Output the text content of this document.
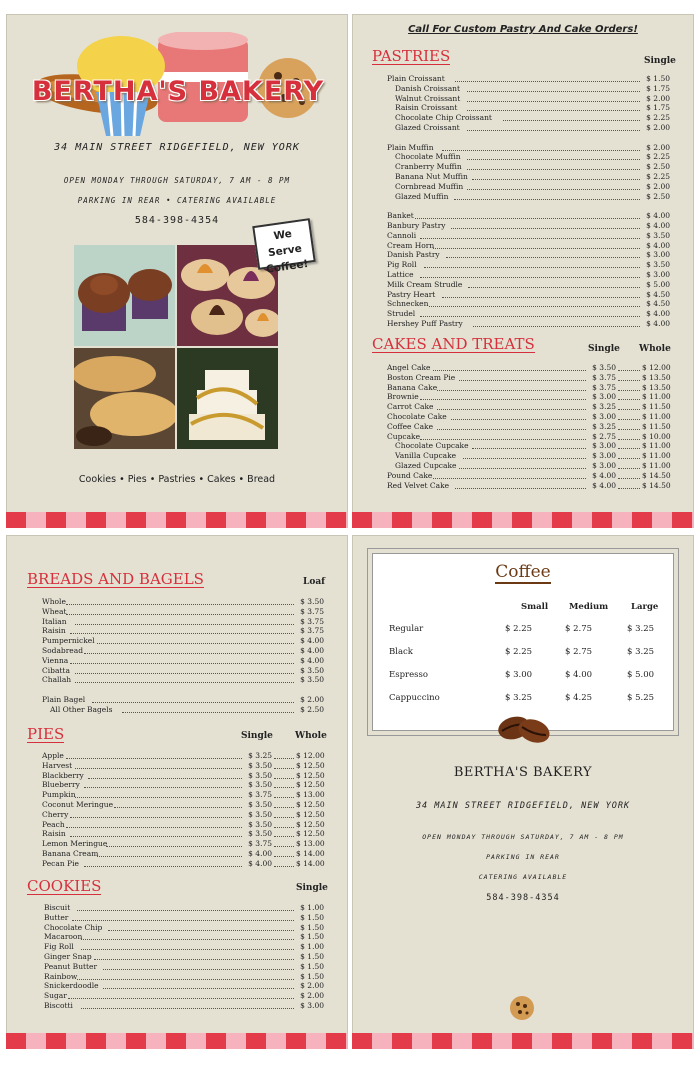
BERTHA'S BAKERY
34 MAIN STREET RIDGEFIELD, NEW YORK
OPEN MONDAY THROUGH SATURDAY, 7 AM - 8 PM
PARKING IN REAR • CATERING AVAILABLE
584-398-4354
We Serve
Coffee!
Cookies • Pies • Pastries • Cakes • Bread
Call For Custom Pastry And Cake Orders!
PASTRIES	Single
Plain Croissant	$ 1.50
Danish Croissant	$ 1.75
Walnut Croissant	$ 2.00
Raisin Croissant	$ 1.75
Chocolate Chip Croissant	$ 2.25
Glazed Croissant	$ 2.00
Plain Muffin	$ 2.00
Chocolate Muffin	$ 2.25
Cranberry Muffin	$ 2.50
Banana Nut Muffin	$ 2.25
Cornbread Muffin	$ 2.00
Glazed Muffin	$ 2.50
Banket	$ 4.00
Banbury Pastry	$ 4.00
Cannoli	$ 3.50
Cream Horn	$ 4.00
Danish Pastry	$ 3.00
Pig Roll	$ 3.50
Lattice	$ 3.00
Milk Cream Strudle	$ 5.00
Pastry Heart	$ 4.50
Schnecken	$ 4.50
Strudel	$ 4.00
Hershey Puff Pastry	$ 4.00
CAKES AND TREATS	Single Whole
Angel Cake	$ 3.50	$ 12.00
Boston Cream Pie	$ 3.75	$ 13.50
Banana Cake	$ 3.75	$ 13.50
Brownie	$ 3.00	$ 11.00
Carrot Cake	$ 3.25	$ 11.50
Chocolate Cake	$ 3.00	$ 11.00
Coffee Cake	$ 3.25	$ 11.50
Cupcake	$ 2.75	$ 10.00
Chocolate Cupcake	$ 3.00	$ 11.00
Vanilla Cupcake	$ 3.00	$ 11.00
Glazed Cupcake	$ 3.00	$ 11.00
Pound Cake	$ 4.00	$ 14.50
Red Velvet Cake	$ 4.00	$ 14.50
BREADS AND BAGELS	Loaf
Whole	$ 3.50
Wheat	$ 3.75
Italian	$ 3.75
Raisin	$ 3.75
Pumpernickel	$ 4.00
Sodabread	$ 4.00
Vienna	$ 4.00
Cibatta	$ 3.50
Challah	$ 3.50
Plain Bagel	$ 2.00
All Other Bagels	$ 2.50
PIES	Single Whole
Apple	$ 3.25	$ 12.00
Harvest	$ 3.50	$ 12.50
Blackberry	$ 3.50	$ 12.50
Blueberry	$ 3.50	$ 12.50
Pumpkin	$ 3.75	$ 13.00
Coconut Meringue	$ 3.50	$ 12.50
Cherry	$ 3.50	$ 12.50
Peach	$ 3.50	$ 12.50
Raisin	$ 3.50	$ 12.50
Lemon Meringue	$ 3.75	$ 13.00
Banana Cream	$ 4.00	$ 14.00
Pecan Pie	$ 4.00	$ 14.00
COOKIES	Single
Biscuit	$ 1.00
Butter	$ 1.50
Chocolate Chip	$ 1.50
Macaroon	$ 1.50
Fig Roll	$ 1.00
Ginger Snap	$ 1.50
Peanut Butter	$ 1.50
Rainbow	$ 1.50
Snickerdoodle	$ 2.00
Sugar	$ 2.00
Biscotti	$ 3.00
Coffee
Small Medium	Large
Regular	$ 2.25	$ 2.75	$ 3.25
Black	$ 2.25	$ 2.75	$ 3.25
Espresso	$ 3.00	$ 4.00	$ 5.00
Cappuccino	$ 3.25	$ 4.25	$ 5.25
BERTHA'S BAKERY
34 MAIN STREET RIDGEFIELD, NEW YORK
OPEN MONDAY THROUGH SATURDAY, 7 AM - 8 PM
PARKING IN REAR
CATERING AVAILABLE
584-398-4354
